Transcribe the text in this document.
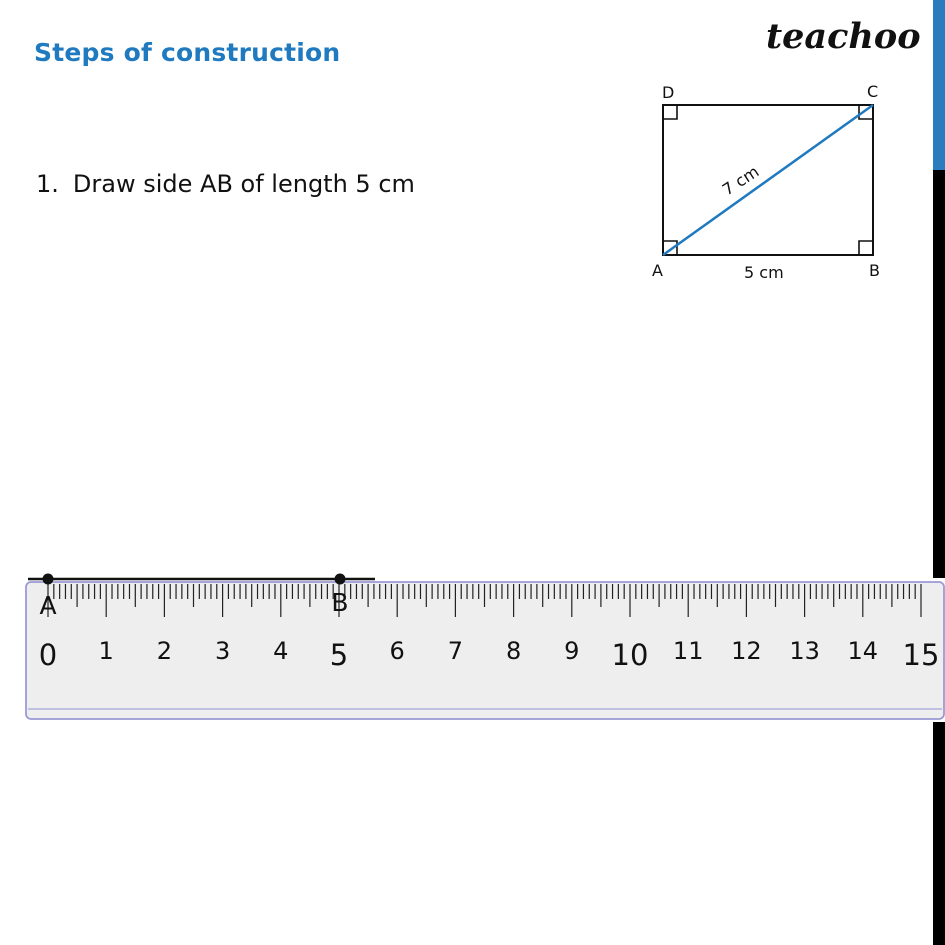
Steps of construction	teachoo
1. Draw side AB of length 5 cm
A	B
C
D
5 cm
7 cm
0 1 2 3 4 5 6 7 8 9 10 11 12 13 14 15
A	B
